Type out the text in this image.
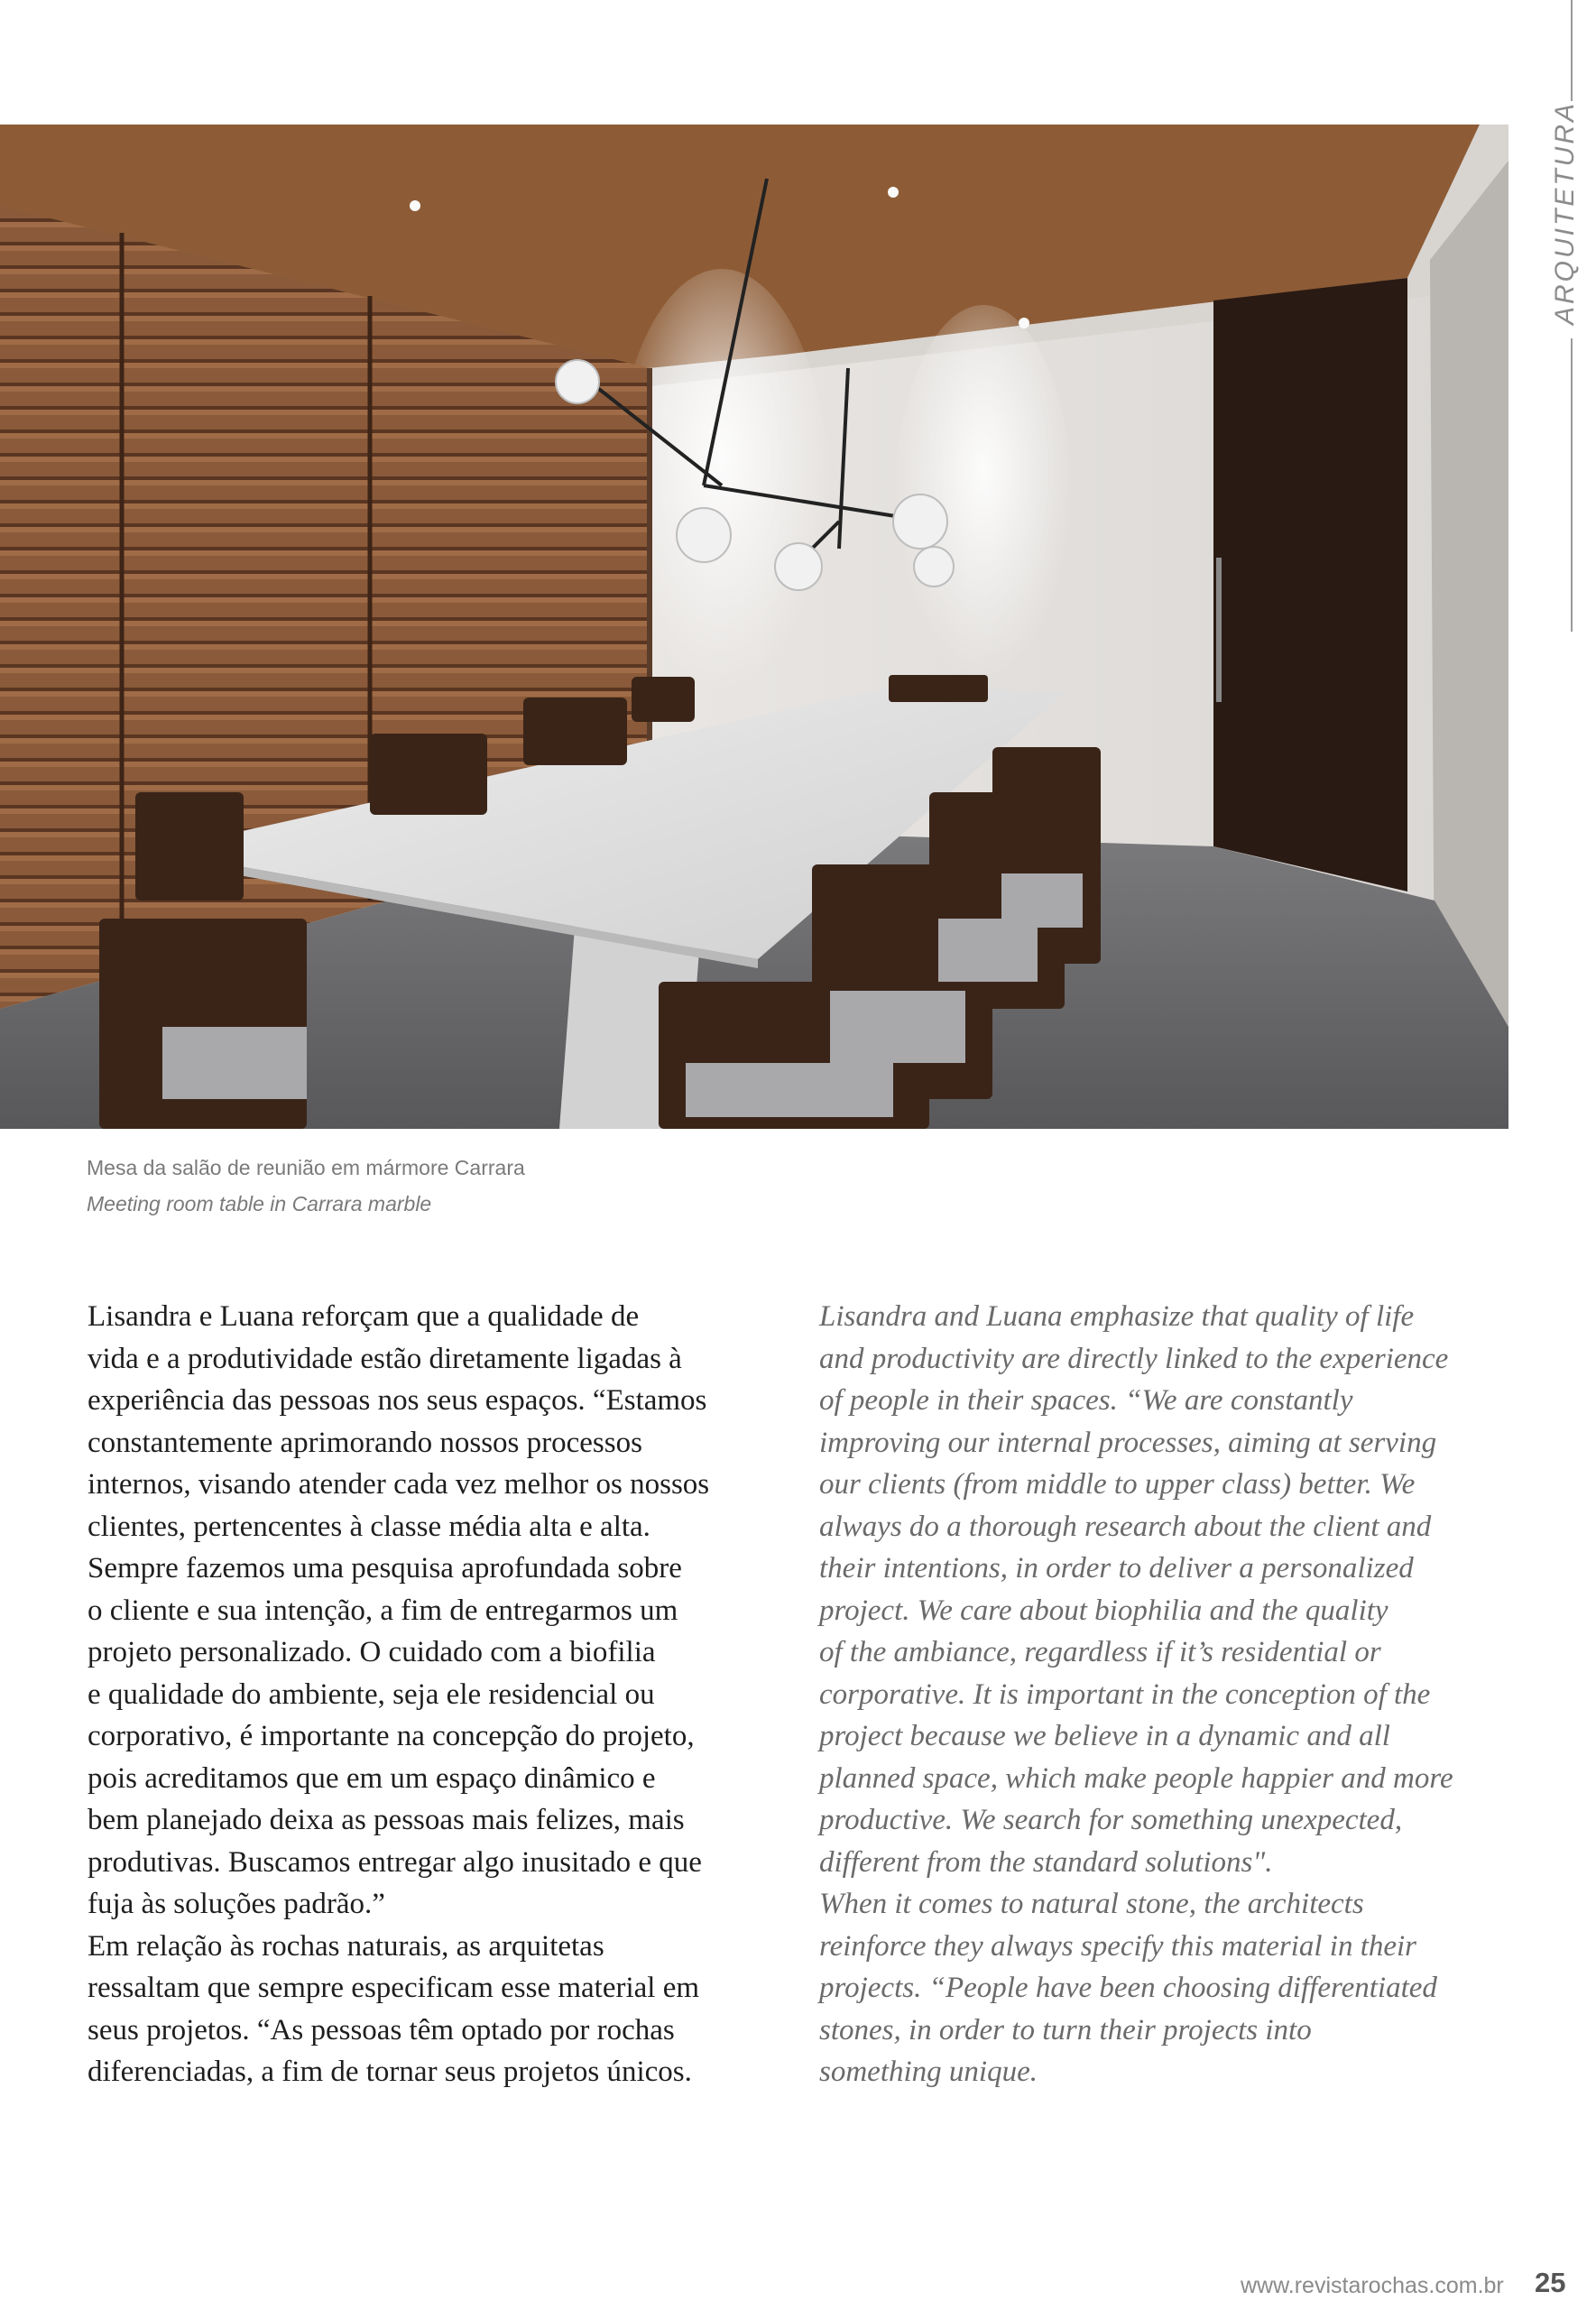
ARQUITETURA
Mesa da salão de reunião em mármore Carrara
Meeting room table in Carrara marble
Lisandra e Luana reforçam que a qualidade de
vida e a produtividade estão diretamente ligadas à
experiência das pessoas nos seus espaços. “Estamos
constantemente aprimorando nossos processos
internos, visando atender cada vez melhor os nossos
clientes, pertencentes à classe média alta e alta.
Sempre fazemos uma pesquisa aprofundada sobre
o cliente e sua intenção, a fim de entregarmos um
projeto personalizado. O cuidado com a biofilia
e qualidade do ambiente, seja ele residencial ou
corporativo, é importante na concepção do projeto,
pois acreditamos que em um espaço dinâmico e
bem planejado deixa as pessoas mais felizes, mais
produtivas. Buscamos entregar algo inusitado e que
fuja às soluções padrão.”
Em relação às rochas naturais, as arquitetas
ressaltam que sempre especificam esse material em
seus projetos. “As pessoas têm optado por rochas
diferenciadas, a fim de tornar seus projetos únicos.
Lisandra and Luana emphasize that quality of life
and productivity are directly linked to the experience
of people in their spaces. “We are constantly
improving our internal processes, aiming at serving
our clients (from middle to upper class) better. We
always do a thorough research about the client and
their intentions, in order to deliver a personalized
project. We care about biophilia and the quality
of the ambiance, regardless if it’s residential or
corporative. It is important in the conception of the
project because we believe in a dynamic and all
planned space, which make people happier and more
productive. We search for something unexpected,
different from the standard solutions".
When it comes to natural stone, the architects
reinforce they always specify this material in their
projects. “People have been choosing differentiated
stones, in order to turn their projects into
something unique.
www.revistarochas.com.br 25
